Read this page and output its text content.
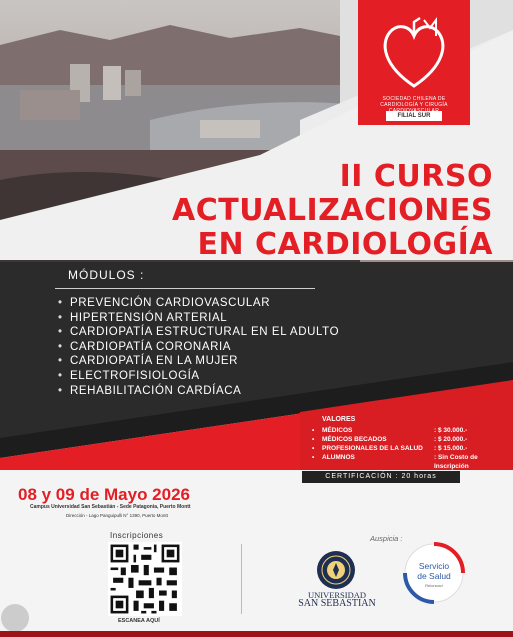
SOCIEDAD CHILENA DE CARDIOLOGÍA Y CIRUGÍA
FILIAL SUR
II CURSO
ACTUALIZACIONES
EN CARDIOLOGÍA
MÓDULOS :
• PREVENCIÓN CARDIOVASCULAR
• HIPERTENSIÓN ARTERIAL
• CARDIOPATÍA ESTRUCTURAL EN EL ADULTO
• CARDIOPATÍA CORONARIA
• CARDIOPATÍA EN LA MUJER
• ELECTROFISIOLOGÍA
• REHABILITACIÓN CARDÍACA
VALORES
•	MÉDICOS	: $ 30.000.-
•	MÉDICOS BECADOS	: $ 20.000.-
•	PROFESIONALES DE LA SALUD	: $ 15.000.-
•	ALUMNOS	: Sin Costo de Inscripción
CERTIFICACIÓN : 20 horas
08 y 09 de Mayo 2026
Campus Universidad San Sebastián - Sede Patagonia, Puerto Montt
Dirección - Lago Panguipulli N° 1390, Puerto Montt
Inscripciones
ESCANEA AQUÍ
Auspicia :
UNIVERSIDAD
SAN SEBASTIAN
Servicio
de Salud
Reloncaví
